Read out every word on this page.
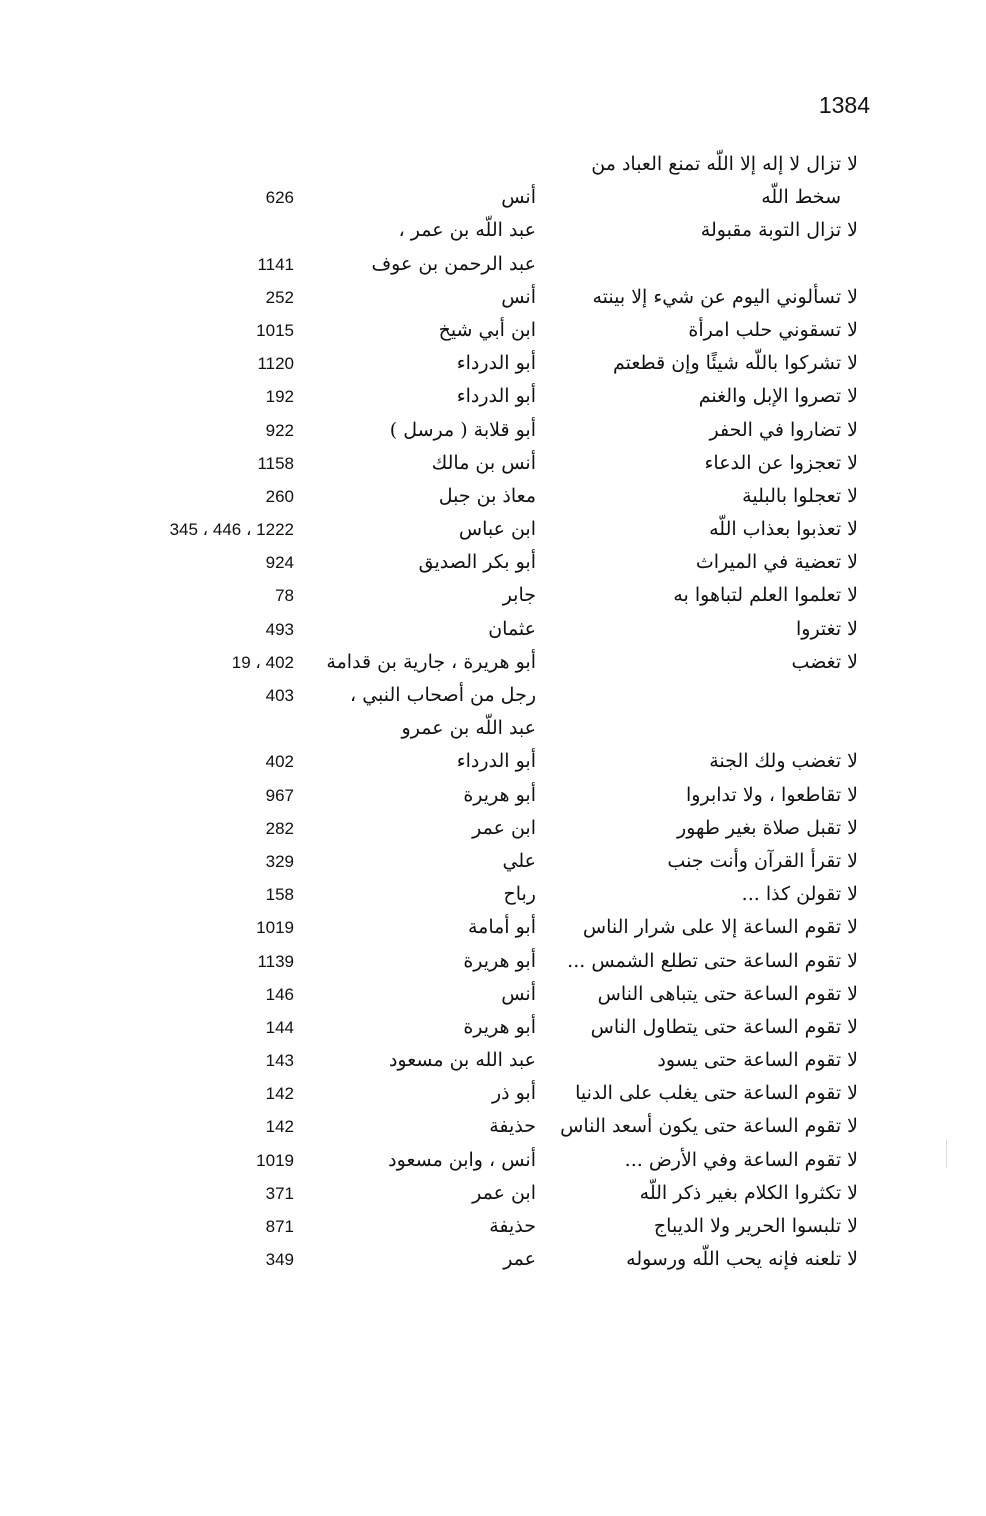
1384
لا تزال لا إله إلا اللّه تمنع العباد من
سخط اللّه
أنس
626
لا تزال التوبة مقبولة
عبد اللّه بن عمر ،
عبد الرحمن بن عوف
1141
لا تسألوني اليوم عن شيء إلا بينته
أنس
252
لا تسقوني حلب امرأة
ابن أبي شيخ
1015
لا تشركوا باللّه شيئًا وإن قطعتم
أبو الدرداء
1120
لا تصروا الإبل والغنم
أبو الدرداء
192
لا تضاروا في الحفر
أبو قلابة ( مرسل )
922
لا تعجزوا عن الدعاء
أنس بن مالك
1158
لا تعجلوا بالبلية
معاذ بن جبل
260
لا تعذبوا بعذاب اللّه
ابن عباس
345 ، 446 ، 1222
لا تعضية في الميراث
أبو بكر الصديق
924
لا تعلموا العلم لتباهوا به
جابر
78
لا تغتروا
عثمان
493
لا تغضب
أبو هريرة ، جارية بن قدامة
19 ، 402
رجل من أصحاب النبي ،
403
عبد اللّه بن عمرو
لا تغضب ولك الجنة
أبو الدرداء
402
لا تقاطعوا ، ولا تدابروا
أبو هريرة
967
لا تقبل صلاة بغير طهور
ابن عمر
282
لا تقرأ القرآن وأنت جنب
علي
329
لا تقولن كذا ...
رباح
158
لا تقوم الساعة إلا على شرار الناس
أبو أمامة
1019
لا تقوم الساعة حتى تطلع الشمس ...
أبو هريرة
1139
لا تقوم الساعة حتى يتباهى الناس
أنس
146
لا تقوم الساعة حتى يتطاول الناس
أبو هريرة
144
لا تقوم الساعة حتى يسود
عبد الله بن مسعود
143
لا تقوم الساعة حتى يغلب على الدنيا
أبو ذر
142
لا تقوم الساعة حتى يكون أسعد الناس
حذيفة
142
لا تقوم الساعة وفي الأرض ...
أنس ، وابن مسعود
1019
لا تكثروا الكلام بغير ذكر اللّه
ابن عمر
371
لا تلبسوا الحرير ولا الديباج
حذيفة
871
لا تلعنه فإنه يحب اللّه ورسوله
عمر
349
